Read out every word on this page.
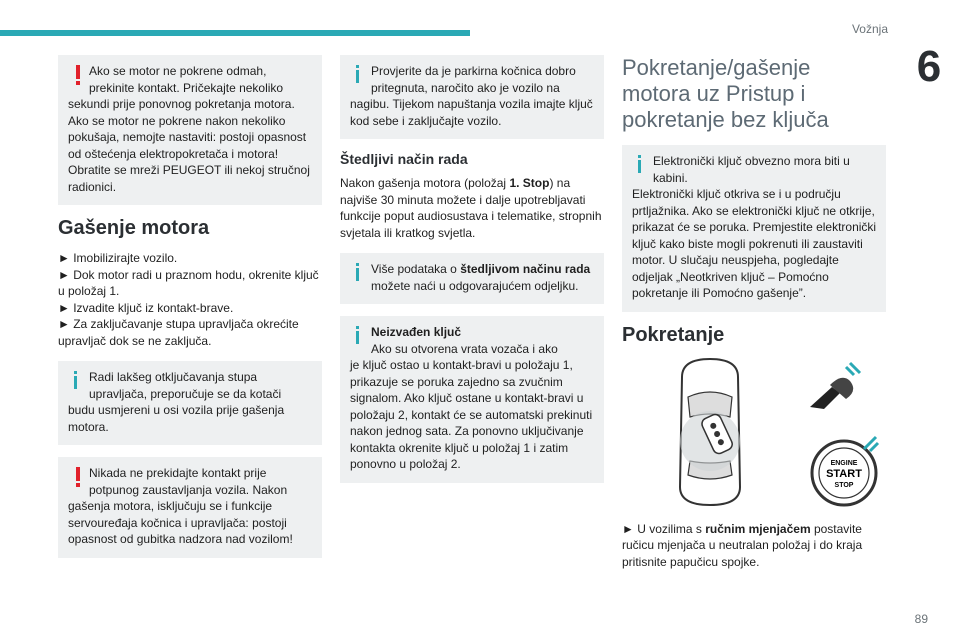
Vožnja
6
Ako se motor ne pokrene odmah, prekinite kontakt. Pričekajte nekoliko
sekundi prije ponovnog pokretanja motora. Ako se motor ne pokrene nakon nekoliko pokušaja, nemojte nastaviti: postoji opasnost od oštećenja elektropokretača i motora! Obratite se mreži PEUGEOT ili nekoj stručnoj radionici.
Gašenje motora
► Imobilizirajte vozilo.
► Dok motor radi u praznom hodu, okrenite ključ u položaj 1.
► Izvadite ključ iz kontakt-brave.
► Za zaključavanje stupa upravljača okrećite upravljač dok se ne zaključa.
Radi lakšeg otključavanja stupa upravljača, preporučuje se da kotači
budu usmjereni u osi vozila prije gašenja motora.
Nikada ne prekidajte kontakt prije potpunog zaustavljanja vozila. Nakon
gašenja motora, isključuju se i funkcije servouređaja kočnica i upravljača: postoji opasnost od gubitka nadzora nad vozilom!
Provjerite da je parkirna kočnica dobro pritegnuta, naročito ako je vozilo na
nagibu. Tijekom napuštanja vozila imajte ključ kod sebe i zaključajte vozilo.
Štedljivi način rada
Nakon gašenja motora (položaj 1. Stop) na najviše 30 minuta možete i dalje upotrebljavati funkcije poput audiosustava i telematike, stropnih svjetala ili kratkog svjetla.
Više podataka o štedljivom načinu rada možete naći u odgovarajućem odjeljku.
Neizvađen ključ
Ako su otvorena vrata vozača i ako
je ključ ostao u kontakt-bravi u položaju 1, prikazuje se poruka zajedno sa zvučnim signalom. Ako ključ ostane u kontakt-bravi u položaju 2, kontakt će se automatski prekinuti nakon jednog sata. Za ponovno uključivanje kontakta okrenite ključ u položaj 1 i zatim ponovno u položaj 2.
Pokretanje/gašenje
motora uz Pristup i
pokretanje bez ključa
Elektronički ključ obvezno mora biti u kabini.
Elektronički ključ otkriva se i u području prtljažnika. Ako se elektronički ključ ne otkrije, prikazat će se poruka. Premjestite elektronički ključ kako biste mogli pokrenuti ili zaustaviti motor. U slučaju neuspjeha, pogledajte odjeljak „Neotkriven ključ – Pomoćno pokretanje ili Pomoćno gašenje”.
Pokretanje
ENGINE
START
STOP
► U vozilima s ručnim mjenjačem postavite ručicu mjenjača u neutralan položaj i do kraja pritisnite papučicu spojke.
89
